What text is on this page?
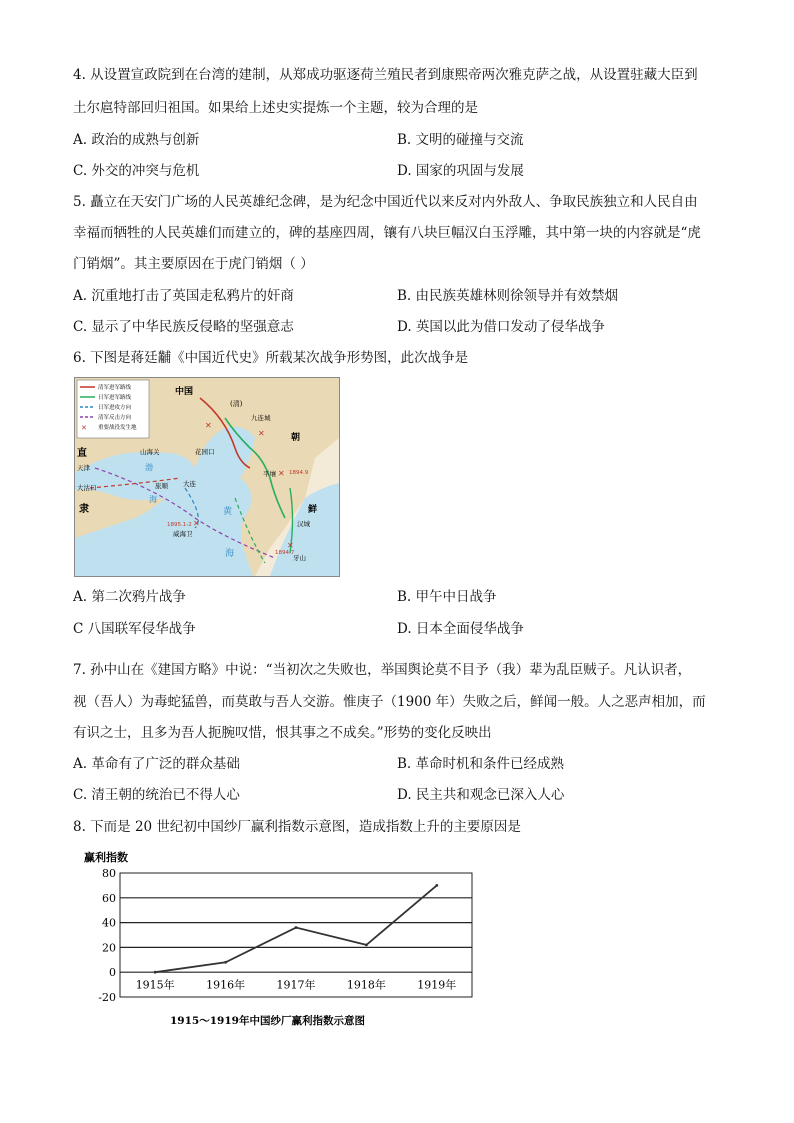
4. 从设置宣政院到在台湾的建制，从郑成功驱逐荷兰殖民者到康熙帝两次雅克萨之战，从设置驻藏大臣到
土尔扈特部回归祖国。如果给上述史实提炼一个主题，较为合理的是
A. 政治的成熟与创新	B. 文明的碰撞与交流
C. 外交的冲突与危机	D. 国家的巩固与发展
5. 矗立在天安门广场的人民英雄纪念碑，是为纪念中国近代以来反对内外敌人、争取民族独立和人民自由
幸福而牺牲的人民英雄们而建立的，碑的基座四周，镶有八块巨幅汉白玉浮雕，其中第一块的内容就是“虎
门销烟”。其主要原因在于虎门销烟（ ）
A. 沉重地打击了英国走私鸦片的奸商	B. 由民族英雄林则徐领导并有效禁烟
C. 显示了中华民族反侵略的坚强意志	D. 英国以此为借口发动了侵华战争
6. 下图是蒋廷黼《中国近代史》所载某次战争形势图，此次战争是
✕
清军进军路线
日军进军路线
日军进攻方向
清军反击方向
重要战役发生地	✕
✕
✕
✕
✕
中国
(清)
九连城
山海关	花园口
直
天津
大沽口
隶
旅顺 大连
渤
海
黄
海
威海卫
朝
鲜
平壤
汉城
牙山
1894.9
1895.1-2
1894.7
A. 第二次鸦片战争	B. 甲午中日战争
C 八国联军侵华战争	D. 日本全面侵华战争
7. 孙中山在《建国方略》中说：“当初次之失败也，举国舆论莫不目予（我）辈为乱臣贼子。凡认识者，
视（吾人）为毒蛇猛兽，而莫敢与吾人交游。惟庚子（1900 年）失败之后，鲜闻一般。人之恶声相加，而
有识之士，且多为吾人扼腕叹惜，恨其事之不成矣。”形势的变化反映出
A. 革命有了广泛的群众基础	B. 革命时机和条件已经成熟
C. 清王朝的统治已不得人心	D. 民主共和观念已深入人心
8. 下而是 20 世纪初中国纱厂赢利指数示意图，造成指数上升的主要原因是
赢利指数
80
60
40
20
0
-20
1915年	1916年	1917年	1918年	1919年
1915～1919年中国纱厂赢利指数示意图
